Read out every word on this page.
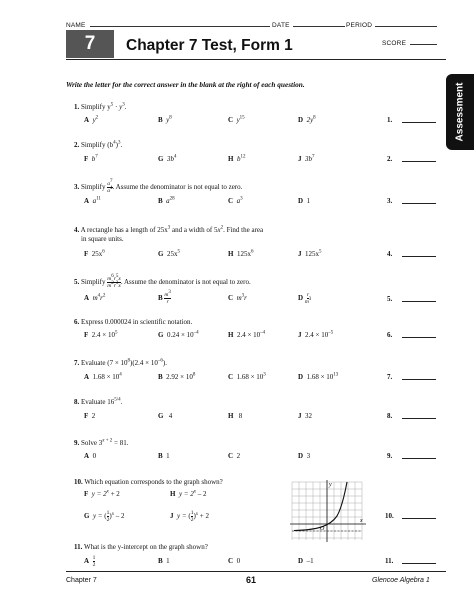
NAME	DATE	PERIOD
7	Chapter 7 Test, Form 1	SCORE
Assessment
Write the letter for the correct answer in the blank at the right of each question.
1. Simplify $y^5 \cdot y^3$.
A $y^2$	B $y^8$	C $y^{15}$	D $2y^8$	1.
2. Simplify $(b^4)^3$.
F $b^7$	G $3b^4$	H $b^{12}$	J $3b^7$	2.
3. Simplify $\frac{a^7}{a^4}$ . Assume the denominator is not equal to zero.
A $a^{11}$	B $a^{28}$	C $a^3$	D 1	3.
4. A rectangle has a length of $25x^3$ and a width of $5x^2$. Find the area
in square units.
F $25x^6$	G $25x^5$	H $125x^6$	J $125x^5$	4.
5. Simplify $\frac{m^6r^5x}{m^2r^3x}$ . Assume the denominator is not equal to zero.
A $m^4r^2$	B $\frac{m^3}{r}$	C $m^3r$	D $\frac{r}{m^3}$	5.
6. Express 0.000024 in scientific notation.
F $2.4 \times 10^5$	G $0.24 \times 10^{-4}$	H $2.4 \times 10^{-4}$	J $2.4 \times 10^{-5}$	6.
7. Evaluate $(7 \times 10^8)(2.4 \times 10^{-6})$.
A $1.68 \times 10^4$	B $2.92 \times 10^8$	C $1.68 \times 10^3$	D $1.68 \times 10^{13}$	7.
8. Evaluate $16^{5/4}$.
F 2	G 4	H 8	J 32	8.
9. Solve $3^{x + 2} = 81$.
A 0	B 1	C 2	D 3	9.
10. Which equation corresponds to the graph shown?
F $y = 2^x + 2$	H $y = 2^x - 2$
G y = ( $\frac{1}{2} )^x - 2$	J y = ( $\frac{1}{2} )^x + 2$	10.
x
y
O
11. What is the y-intercept on the graph shown?
A $\frac{1}{2}$	B 1	C 0	D –1	11.
Chapter 7	61	Glencoe Algebra 1
